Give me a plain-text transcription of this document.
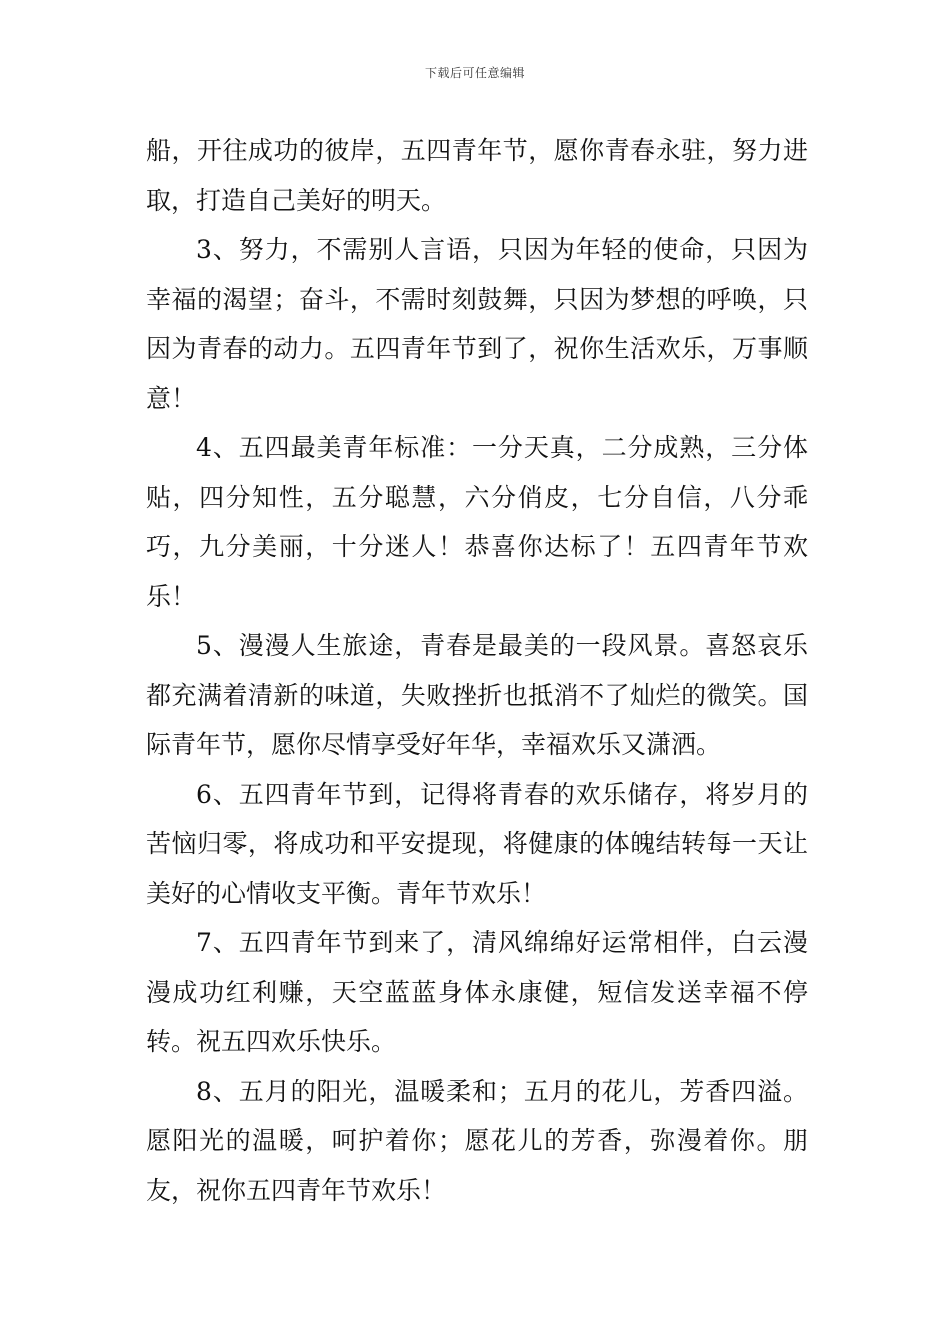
下载后可任意编辑

船，开往成功的彼岸，五四青年节，愿你青春永驻，努力进取，打造自己美好的明天。

3、努力，不需别人言语，只因为年轻的使命，只因为幸福的渴望；奋斗，不需时刻鼓舞，只因为梦想的呼唤，只因为青春的动力。五四青年节到了，祝你生活欢乐，万事顺意！

4、五四最美青年标准：一分天真，二分成熟，三分体贴，四分知性，五分聪慧，六分俏皮，七分自信，八分乖巧，九分美丽，十分迷人！恭喜你达标了！五四青年节欢乐！

5、漫漫人生旅途，青春是最美的一段风景。喜怒哀乐都充满着清新的味道，失败挫折也抵消不了灿烂的微笑。国际青年节，愿你尽情享受好年华，幸福欢乐又潇洒。

6、五四青年节到，记得将青春的欢乐储存，将岁月的苦恼归零，将成功和平安提现，将健康的体魄结转每一天让美好的心情收支平衡。青年节欢乐！

7、五四青年节到来了，清风绵绵好运常相伴，白云漫漫成功红利赚，天空蓝蓝身体永康健，短信发送幸福不停转。祝五四欢乐快乐。

8、五月的阳光，温暖柔和；五月的花儿，芳香四溢。愿阳光的温暖，呵护着你；愿花儿的芳香，弥漫着你。朋友，祝你五四青年节欢乐！
